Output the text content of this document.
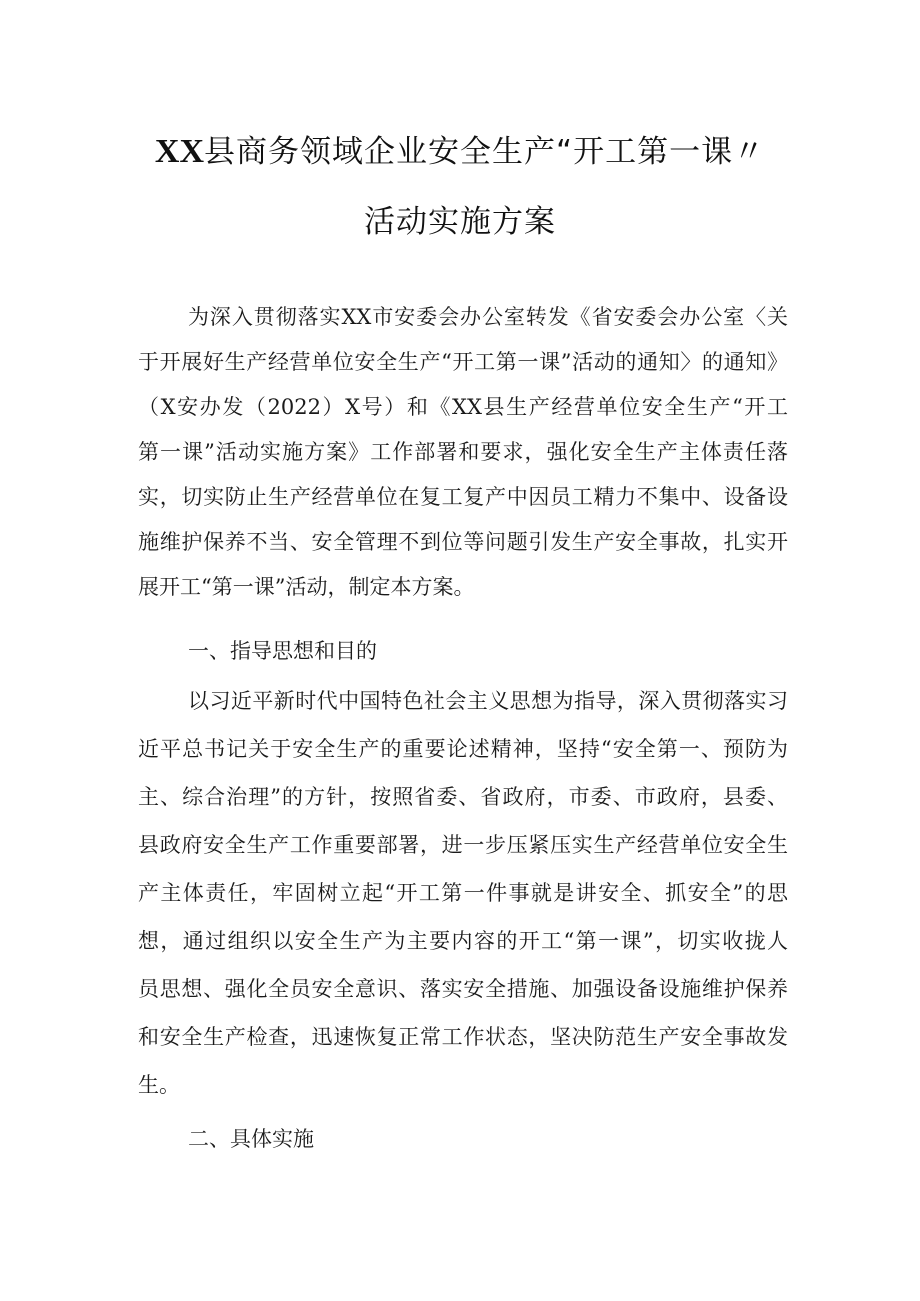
XX县商务领域企业安全生产“开工第一课〃
活动实施方案
为深入贯彻落实XX市安委会办公室转发《省安委会办公室〈关
于开展好生产经营单位安全生产“开工第一课”活动的通知〉的通知》
（X安办发（2022）X号）和《XX县生产经营单位安全生产“开工
第一课”活动实施方案》工作部署和要求，强化安全生产主体责任落
实，切实防止生产经营单位在复工复产中因员工精力不集中、设备设
施维护保养不当、安全管理不到位等问题引发生产安全事故，扎实开
展开工“第一课”活动，制定本方案。
一、指导思想和目的
以习近平新时代中国特色社会主义思想为指导，深入贯彻落实习
近平总书记关于安全生产的重要论述精神，坚持“安全第一、预防为
主、综合治理”的方针，按照省委、省政府，市委、市政府，县委、
县政府安全生产工作重要部署，进一步压紧压实生产经营单位安全生
产主体责任，牢固树立起“开工第一件事就是讲安全、抓安全”的思
想，通过组织以安全生产为主要内容的开工“第一课”，切实收拢人
员思想、强化全员安全意识、落实安全措施、加强设备设施维护保养
和安全生产检查，迅速恢复正常工作状态，坚决防范生产安全事故发
生。
二、具体实施
